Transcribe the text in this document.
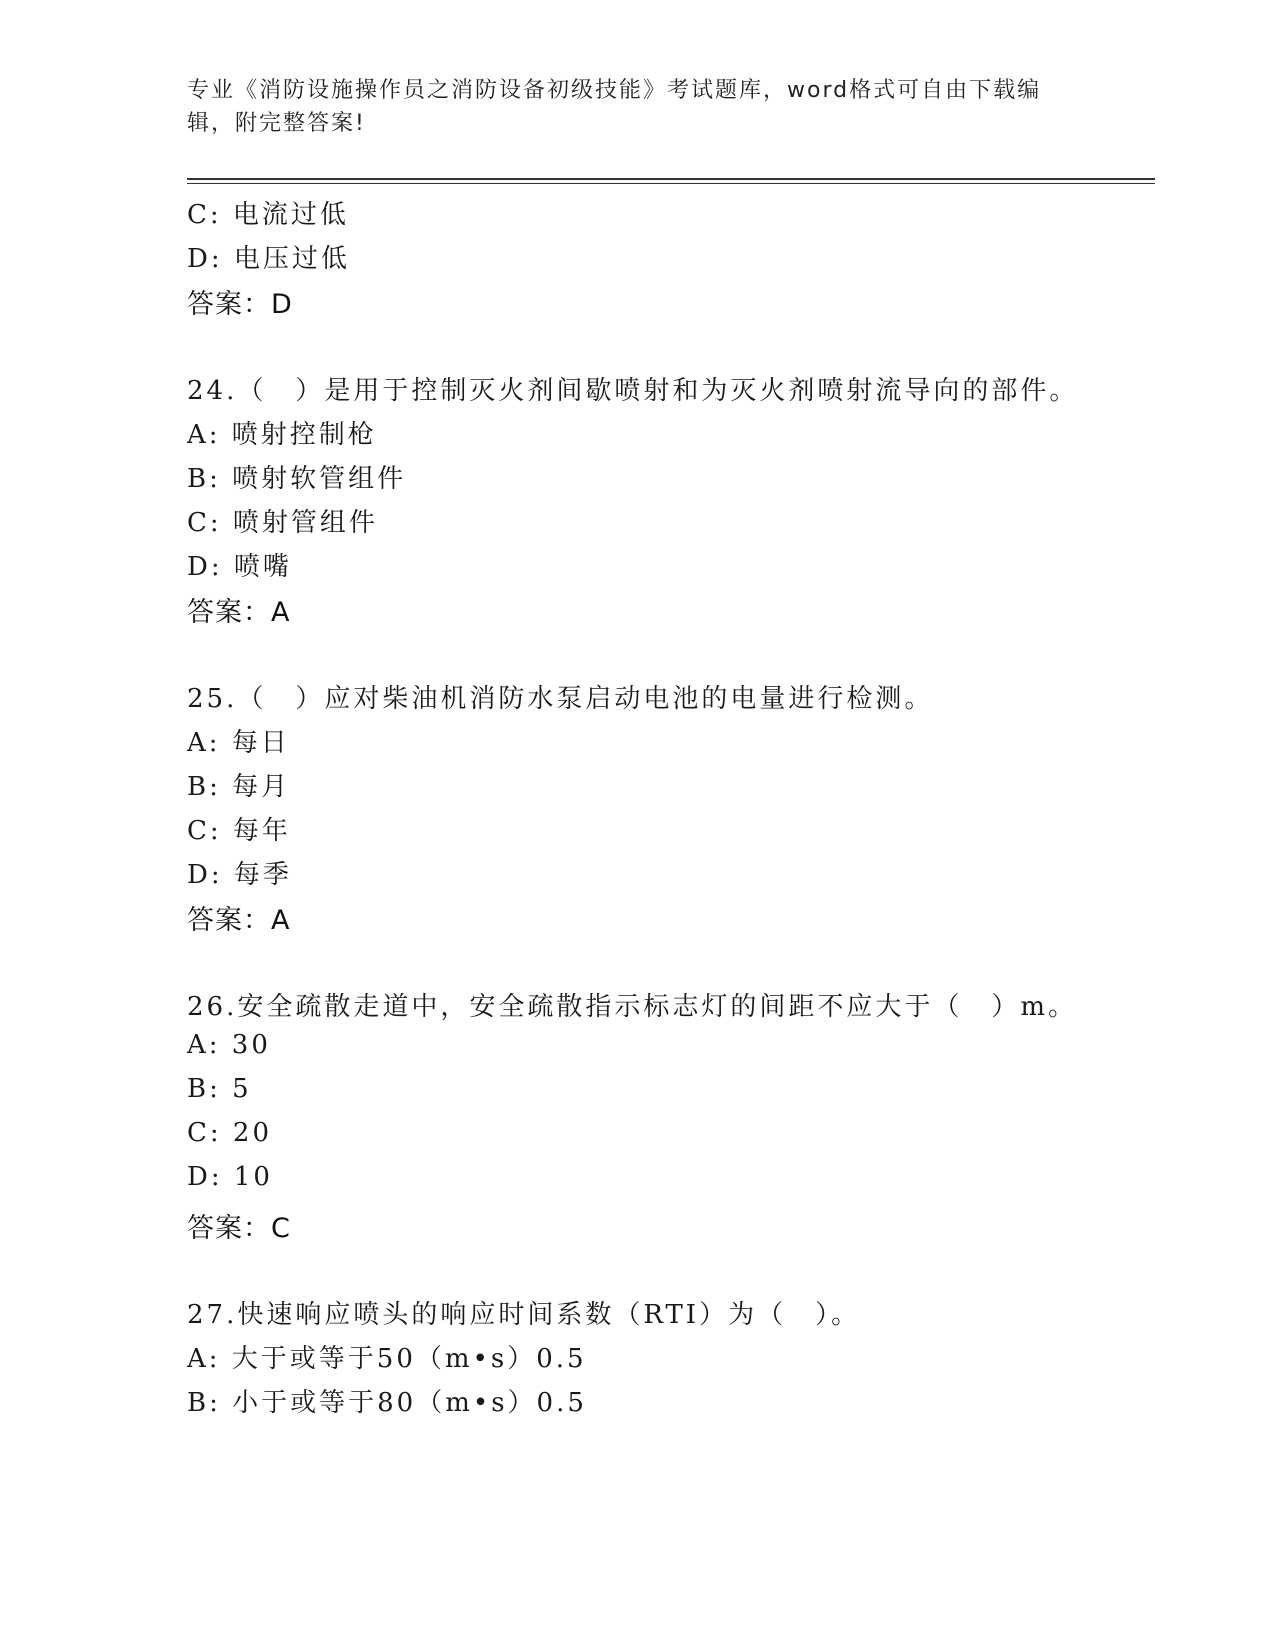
专业《消防设施操作员之消防设备初级技能》考试题库，word格式可自由下载编
辑，附完整答案!
C: 电流过低
D: 电压过低
答案：D
24.（　）是用于控制灭火剂间歇喷射和为灭火剂喷射流导向的部件。
A: 喷射控制枪
B: 喷射软管组件
C: 喷射管组件
D: 喷嘴
答案：A
25.（　）应对柴油机消防水泵启动电池的电量进行检测。
A: 每日
B: 每月
C: 每年
D: 每季
答案：A
26.安全疏散走道中，安全疏散指示标志灯的间距不应大于（　）m。
A: 30
B: 5
C: 20
D: 10
答案：C
27.快速响应喷头的响应时间系数（RTI）为（　）。
A: 大于或等于50（m•s）0.5
B: 小于或等于80（m•s）0.5
